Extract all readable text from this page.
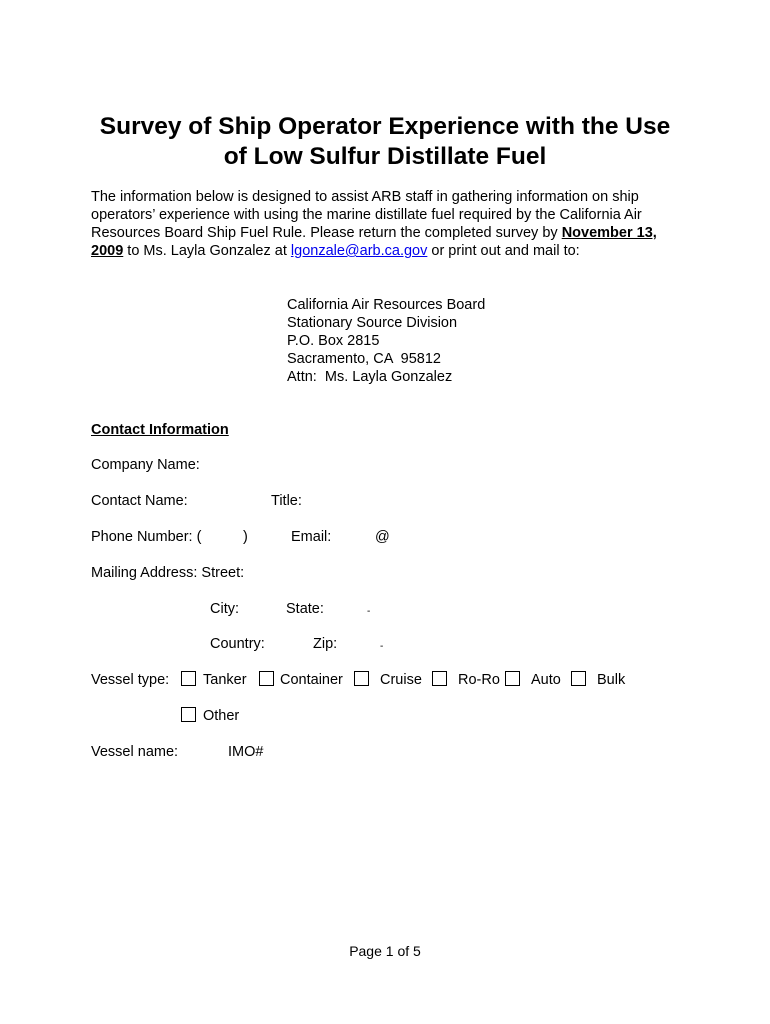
Survey of Ship Operator Experience with the Use
of Low Sulfur Distillate Fuel
The information below is designed to assist ARB staff in gathering information on ship operators’ experience with using the marine distillate fuel required by the California Air Resources Board Ship Fuel Rule. Please return the completed survey by November 13, 2009 to Ms. Layla Gonzalez at lgonzale@arb.ca.gov or print out and mail to:
California Air Resources Board
Stationary Source Division
P.O. Box 2815
Sacramento, CA  95812
Attn:  Ms. Layla Gonzalez
Contact Information
Company Name:
Contact Name:	Title:
Phone Number: (	)	Email:	@
Mailing Address: Street:
City:	State:	-
Country:	Zip:	-
Vessel type: Tanker Container	Cruise Ro-Ro Auto Bulk
Other
Vessel name:	IMO#
Page 1 of 5
